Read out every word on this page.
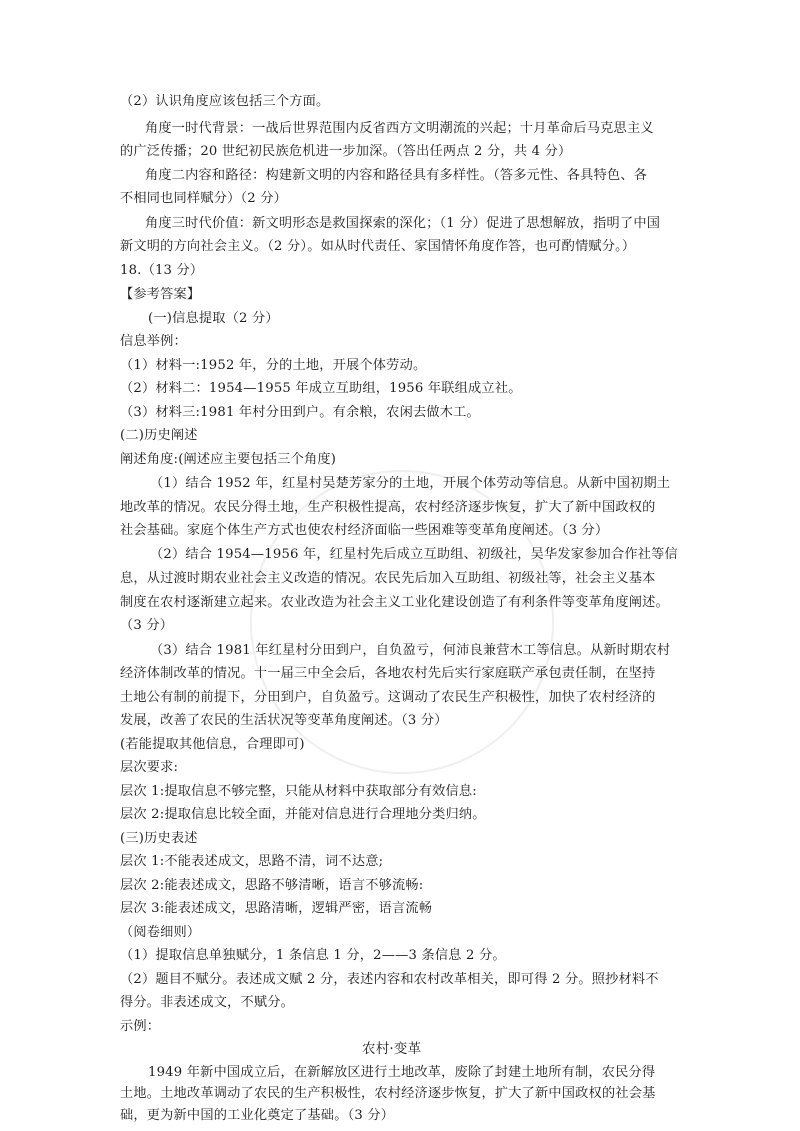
（2）认识角度应该包括三个方面。
角度一时代背景：一战后世界范围内反省西方文明潮流的兴起；十月革命后马克思主义
的广泛传播；20 世纪初民族危机进一步加深。（答出任两点 2 分，共 4 分）
角度二内容和路径：构建新文明的内容和路径具有多样性。（答多元性、各具特色、各
不相同也同样赋分）（2 分）
角度三时代价值：新文明形态是救国探索的深化；（1 分）促进了思想解放，指明了中国
新文明的方向社会主义。（2 分）。如从时代责任、家国情怀角度作答，也可酌情赋分。）
18.（13 分）
【参考答案】
(一)信息提取（2 分）
信息举例：
（1）材料一:1952 年，分的土地，开展个体劳动。
（2）材料二：1954—1955 年成立互助组，1956 年联组成立社。
（3）材料三:1981 年村分田到户。有余粮，农闲去做木工。
(二)历史阐述
阐述角度:(阐述应主要包括三个角度)
（1）结合 1952 年，红星村吴楚芳家分的土地，开展个体劳动等信息。从新中国初期土
地改革的情况。农民分得土地，生产积极性提高，农村经济逐步恢复，扩大了新中国政权的
社会基础。家庭个体生产方式也使农村经济面临一些困难等变革角度阐述。（3 分）
（2）结合 1954—1956 年，红星村先后成立互助组、初级社，吴华发家参加合作社等信
息，从过渡时期农业社会主义改造的情况。农民先后加入互助组、初级社等，社会主义基本
制度在农村逐渐建立起来。农业改造为社会主义工业化建设创造了有利条件等变革角度阐述。
（3 分）
（3）结合 1981 年红星村分田到户，自负盈亏，何沛良兼营木工等信息。从新时期农村
经济体制改革的情况。十一届三中全会后，各地农村先后实行家庭联产承包责任制，在坚持
土地公有制的前提下，分田到户，自负盈亏。这调动了农民生产积极性，加快了农村经济的
发展，改善了农民的生活状况等变革角度阐述。（3 分）
(若能提取其他信息，合理即可)
层次要求:
层次 1:提取信息不够完整，只能从材料中获取部分有效信息:
层次 2:提取信息比较全面，并能对信息进行合理地分类归纳。
(三)历史表述
层次 1:不能表述成文，思路不清，词不达意;
层次 2:能表述成文，思路不够清晰，语言不够流畅:
层次 3:能表述成文，思路清晰，逻辑严密，语言流畅
（阅卷细则）
（1）提取信息单独赋分，1 条信息 1 分，2——3 条信息 2 分。
（2）题目不赋分。表述成文赋 2 分，表述内容和农村改革相关，即可得 2 分。照抄材料不
得分。非表述成文，不赋分。
示例：
农村·变革
1949 年新中国成立后，在新解放区进行土地改革，废除了封建土地所有制，农民分得
土地。土地改革调动了农民的生产积极性，农村经济逐步恢复，扩大了新中国政权的社会基
础，更为新中国的工业化奠定了基础。（3 分）
